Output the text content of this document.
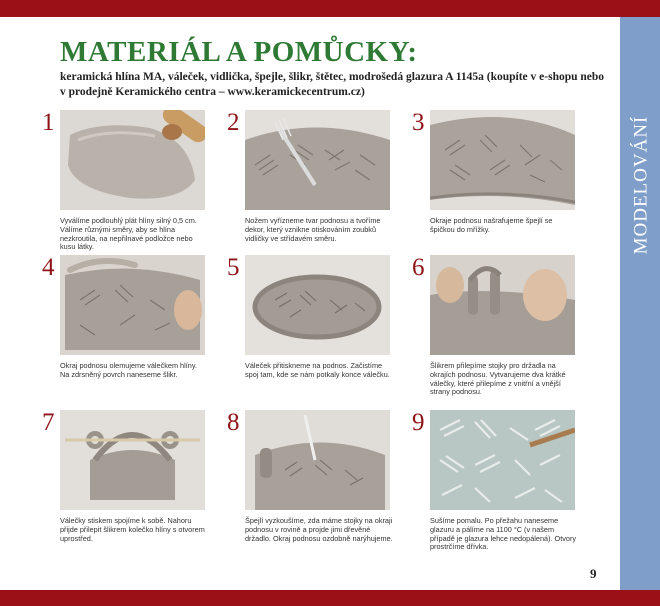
MODELOVÁNÍ
MATERIÁL A POMŮCKY:

keramická hlína MA, váleček, vidlička, špejle, šlikr, štětec, modrošedá glazura A 1145a (koupíte v e-shopu nebo v prodejně Keramického centra – www.keramickecentrum.cz)

1

Vyválíme podlouhlý plát hlíny silný 0,5 cm. Válíme různými směry, aby se hlína nezkroutila, na nepřilnavé podložce nebo kusu látky.

2

Nožem vyřízneme tvar podnosu a tvoříme dekor, který vznikne otiskováním zoubků vidličky ve střídavém směru.

3

Okraje podnosu našrafujeme špejlí se špičkou do mřížky.

4

Okraj podnosu olemujeme válečkem hlíny. Na zdrsněný povrch naneseme šlikr.

5

Váleček přitiskneme na podnos. Začistíme spoj tam, kde se nám potkaly konce válečku.

6

Šlikrem přilepíme stojky pro držadla na okrajích podnosu. Vytvarujeme dva krátké válečky, které přilepíme z vnitřní a vnější strany podnosu.

7

Válečky stiskem spojíme k sobě. Nahoru přijde přilepit šlikrem kolečko hlíny s otvorem uprostřed.

8

Špejlí vyzkoušíme, zda máme stojky na okraji podnosu v rovině a projde jimi dřevěné držadlo. Okraj podnosu ozdobně narýhujeme.

9

Sušíme pomalu. Po přežahu naneseme glazuru a pálíme na 1100 °C (v našem případě je glazura lehce nedopálená). Otvory prostrčíme dřívka.

9
